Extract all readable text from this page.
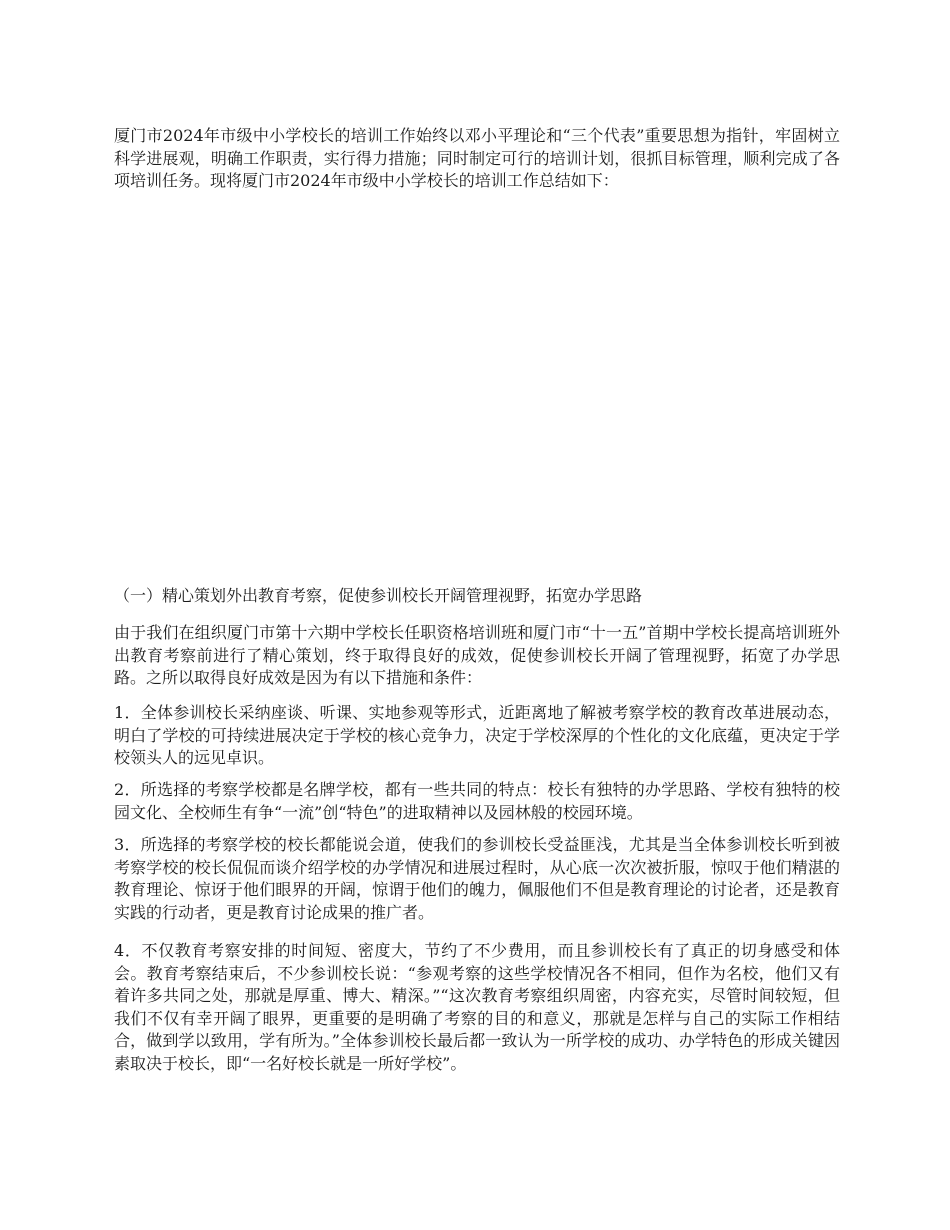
厦门市2024年市级中小学校长的培训工作始终以邓小平理论和“三个代表”重要思想为指针，牢固树立科学进展观，明确工作职责，实行得力措施；同时制定可行的培训计划，很抓目标管理，顺利完成了各项培训任务。现将厦门市2024年市级中小学校长的培训工作总结如下：

（一）精心策划外出教育考察，促使参训校长开阔管理视野，拓宽办学思路

由于我们在组织厦门市第十六期中学校长任职资格培训班和厦门市“十一五”首期中学校长提高培训班外出教育考察前进行了精心策划，终于取得良好的成效，促使参训校长开阔了管理视野，拓宽了办学思路。之所以取得良好成效是因为有以下措施和条件：

1．全体参训校长采纳座谈、听课、实地参观等形式，近距离地了解被考察学校的教育改革进展动态，明白了学校的可持续进展决定于学校的核心竞争力，决定于学校深厚的个性化的文化底蕴，更决定于学校领头人的远见卓识。

2．所选择的考察学校都是名牌学校，都有一些共同的特点：校长有独特的办学思路、学校有独特的校园文化、全校师生有争“一流”创“特色”的进取精神以及园林般的校园环境。

3．所选择的考察学校的校长都能说会道，使我们的参训校长受益匪浅，尤其是当全体参训校长听到被考察学校的校长侃侃而谈介绍学校的办学情况和进展过程时，从心底一次次被折服，惊叹于他们精湛的教育理论、惊讶于他们眼界的开阔，惊谓于他们的魄力，佩服他们不但是教育理论的讨论者，还是教育实践的行动者，更是教育讨论成果的推广者。

4．不仅教育考察安排的时间短、密度大，节约了不少费用，而且参训校长有了真正的切身感受和体会。教育考察结束后，不少参训校长说：“参观考察的这些学校情况各不相同，但作为名校，他们又有着许多共同之处，那就是厚重、博大、精深。”“这次教育考察组织周密，内容充实，尽管时间较短，但我们不仅有幸开阔了眼界，更重要的是明确了考察的目的和意义，那就是怎样与自己的实际工作相结合，做到学以致用，学有所为。”全体参训校长最后都一致认为一所学校的成功、办学特色的形成关键因素取决于校长，即“一名好校长就是一所好学校”。
